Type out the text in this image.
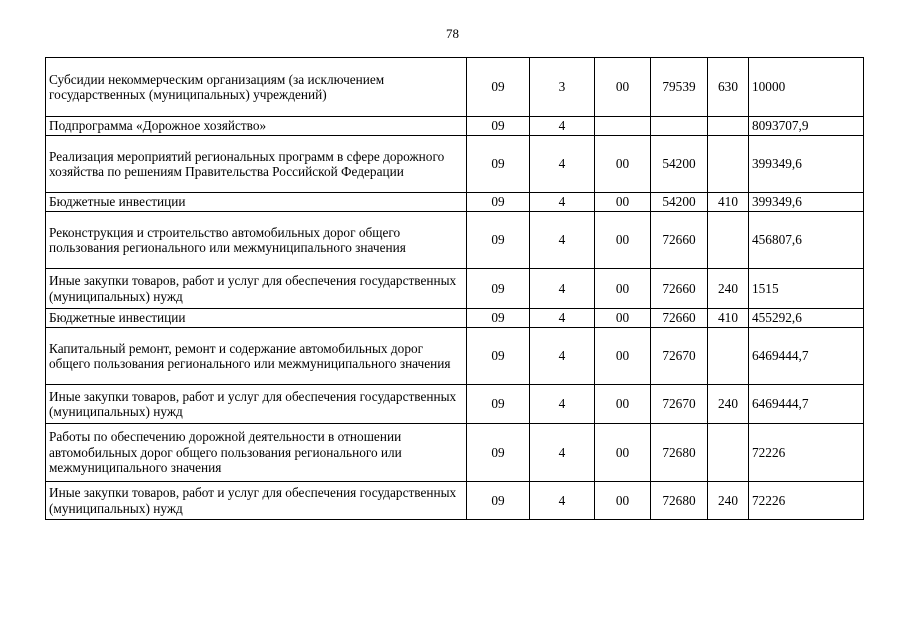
78
Субсидии некоммерческим организациям (за исключением государственных (муниципальных) учреждений)	09	3	00	79539	630	10000
Подпрограмма «Дорожное хозяйство»	09	4				8093707,9
Реализация мероприятий региональных программ в сфере дорожного хозяйства по решениям Правительства Российской Федерации	09	4	00	54200		399349,6
Бюджетные инвестиции	09	4	00	54200	410	399349,6
Реконструкция и строительство автомобильных дорог общего пользования регионального или межмуниципального значения	09	4	00	72660		456807,6
Иные закупки товаров, работ и услуг для обеспечения государственных (муниципальных) нужд	09	4	00	72660	240	1515
Бюджетные инвестиции	09	4	00	72660	410	455292,6
Капитальный ремонт, ремонт и содержание автомобильных дорог общего пользования регионального или межмуниципального значения	09	4	00	72670		6469444,7
Иные закупки товаров, работ и услуг для обеспечения государственных (муниципальных) нужд	09	4	00	72670	240	6469444,7
Работы по обеспечению дорожной деятельности в отношении автомобильных дорог общего пользования регионального или межмуниципального значения	09	4	00	72680		72226
Иные закупки товаров, работ и услуг для обеспечения государственных (муниципальных) нужд	09	4	00	72680	240	72226
